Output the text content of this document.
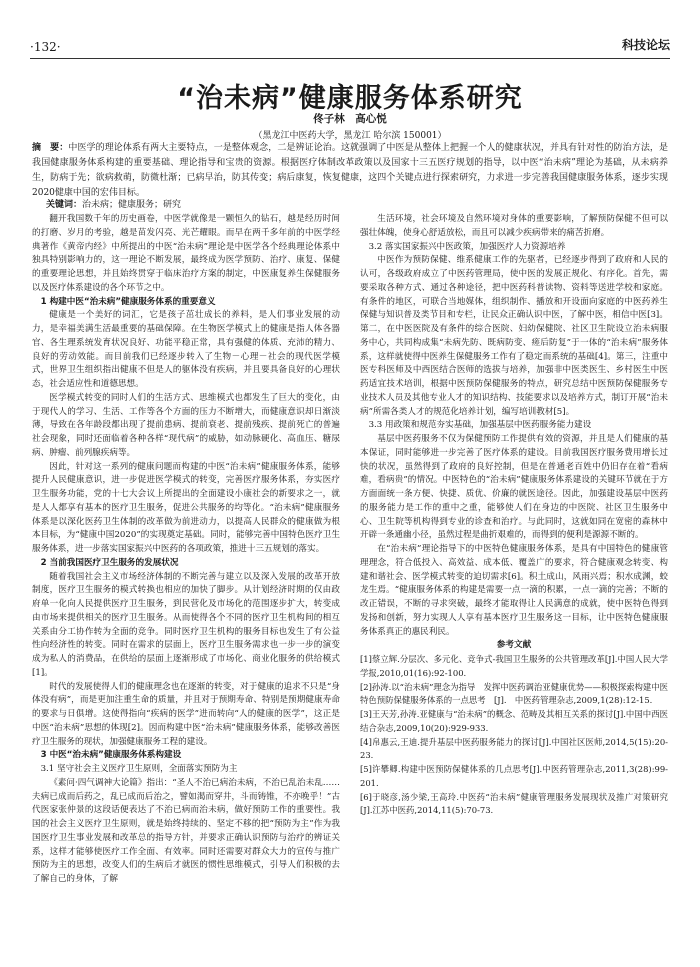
·132·	科技论坛
“治未病”健康服务体系研究
佟子林　高心悦
（黑龙江中医药大学，黑龙江 哈尔滨 150001）
摘　要：中医学的理论体系有两大主要特点，一是整体观念，二是辨证论治。这就强调了中医是从整体上把握一个人的健康状况，并具有针对性的防治方法，是我国健康服务体系构建的重要基础、理论指导和宝贵的资源。根据医疗体制改革政策以及国家十三五医疗规划的指导，以中医“治未病”理论为基础，从未病养生，防病于先；欲病救萌，防微杜渐；已病早治，防其传变；病后康复，恢复健康，这四个关键点进行探索研究，力求进一步完善我国健康服务体系，逐步实现2020健康中国的宏伟目标。
关键词：治未病；健康服务；研究

翻开我国数千年的历史画卷，中医学就像是一颗恒久的钻石，越是经历时间的打磨、岁月的考验，越是苗发闪亮、光芒耀眼。而早在两千多年前的中医学经典著作《黄帝内经》中所提出的中医“治未病”理论是中医学各个经典理论体系中独具特别影响力的，这一理论不断发展，最终成为医学预防、治疗、康复、保健的重要理论思想，并且始终贯穿于临床治疗方案的制定，中医康复养生保健服务以及医疗体系建设的各个环节之中。

1 构建中医“治未病”健康服务体系的重要意义

健康是一个美好的词汇，它是孩子茁壮成长的养料，是人们事业发展的动力，是幸福美满生活最重要的基础保障。在生物医学模式上的健康是指人体各器官、各生理系统发育状况良好、功能平稳正常，具有强健的体质、充沛的精力、良好的劳动效能。而目前我们已经逐步转入了生物－心理－社会的现代医学模式，世界卫生组织指出健康不但是人的躯体没有疾病，并且要具备良好的心理状态，社会适应性和道德思想。

医学模式转变的同时人们的生活方式、思维模式也都发生了巨大的变化，由于现代人的学习、生活、工作等各个方面的压力不断增大，而健康意识却日渐淡薄，导致在各年龄段都出现了提前患病、提前衰老、提前残疾、提前死亡的普遍社会现象，同时还面临着各种各样“现代病”的威胁，如动脉硬化、高血压、糖尿病、肿瘤、前列腺疾病等。

因此，针对这一系列的健康问题而构建的中医“治未病”健康服务体系，能够提升人民健康意识，进一步促进医学模式的转变，完善医疗服务体系，夯实医疗卫生服务功能，党的十七大会议上所提出的全面建设小康社会的新要求之一，就是人人都享有基本的医疗卫生服务，促进公共服务的均等化。“治未病”健康服务体系是以深化医药卫生体制的改革做为前进动力，以提高人民群众的健康做为根本目标，为“健康中国2020”的实现奠定基础。同时，能够完善中国特色医疗卫生服务体系，进一步落实国家振兴中医药的各项政策，推进十三五规划的落实。

2 当前我国医疗卫生服务的发展状况

随着我国社会主义市场经济体制的不断完善与建立以及深入发展的改革开放制度，医疗卫生服务的模式转换也相应的加快了脚步。从计划经济时期的仅由政府单一化向人民提供医疗卫生服务，到民营化及市场化的范围逐步扩大，转变成由市场来提供相关的医疗卫生服务。从而使得各个不同的医疗卫生机构间的相互关系由分工协作转为全面的竞争。同时医疗卫生机构的服务目标也发生了有公益性向经济性的转变。同时在需求的层面上，医疗卫生服务需求也一步一步的演变成为私人的消费品，在供给的层面上逐渐形成了市场化、商业化服务的供给模式[1]。

时代的发展使得人们的健康理念也在逐渐的转变，对于健康的追求不只是“身体没有病”，而是更加注重生命的质量，并且对于预期寿命、特别是预期健康寿命的要求与日俱增。这使得指向“疾病的医学”进而转向“人的健康的医学”，这正是中医“治未病”思想的体现[2]。因而构建中医“治未病”健康服务体系，能够改善医疗卫生服务的现状，加强健康服务工程的建设。

3 中医“治未病”健康服务体系构建设
3.1 坚守社会主义医疗卫生原则，全面落实预防为主

《素问·四气调神大论篇》指出：“圣人不治已病治未病，不治已乱治未乱……夫病已成而后药之，乱已成而后治之，譬如渴而穿井，斗而铸锥，不亦晚乎！”古代医家张仲景的这段话便表达了不治已病而治未病，做好预防工作的重要性。我国的社会主义医疗卫生原则，就是始终持续的、坚定不移的把“预防为主”作为我国医疗卫生事业发展和改革总的指导方针，并要求正确认识预防与治疗的辨证关系，这样才能够使医疗工作全面、有效率。同时还需要对群众大力的宣传与推广预防为主的思想，改变人们的生病后才就医的惯性思维模式，引导人们积极的去了解自己的身体，了解

生活环境，社会环境及自然环境对身体的重要影响，了解预防保健不但可以强壮体魄，使身心舒适放松，而且可以减少疾病带来的痛苦折磨。

3.2 落实国家振兴中医政策，加强医疗人力资源培养

中医作为预防保健、维系健康工作的先驱者，已经逐步得到了政府和人民的认可，各级政府成立了中医药管理局，使中医的发展正规化、有序化。首先，需要采取各种方式、通过各种途径，把中医药科普读物、资料等送进学校和家庭。有条件的地区，可联合当地媒体，组织制作、播放和开设面向家庭的中医药养生保健与知识普及类节目和专栏，让民众正确认识中医，了解中医，相信中医[3]。第二，在中医医院及有条件的综合医院、妇幼保健院、社区卫生院设立治未病服务中心，共同构成集“未病先防、既病防变、瘥后防复”于一体的“治未病”服务体系，这样就使得中医养生保健服务工作有了稳定而系统的基础[4]。第三，注重中医专科医师及中西医结合医师的选拔与培养，加强非中医类医生、乡村医生中医药适宜技术培训，根据中医预防保健服务的特点，研究总结中医预防保健服务专业技术人员及其他专业人才的知识结构、技能要求以及培养方式，制订开展“治未病”所需各类人才的规范化培养计划，编写培训教材[5]。

3.3 用政策和规范夯实基础，加强基层中医药服务能力建设

基层中医药服务不仅为保健预防工作提供有效的资源，并且是人们健康的基本保证，同时能够进一步完善了医疗体系的建设。目前我国医疗服务费用增长过快的状况，虽然得到了政府的良好控制，但是在普通老百姓中仍旧存在着“看病难，看病贵”的情况。中医特色的“治未病”健康服务体系建设的关键环节就在于方方面面统一条方便、快捷、质优、价廉的就医途径。因此，加强建设基层中医药的服务能力是工作的重中之重，能够使人们在身边的中医院、社区卫生服务中心、卫生院等机构得到专业的诊查和治疗。与此同时，这就如同在宽密的森林中开辟一条通幽小径，虽然过程是曲折艰难的，而得到的便利是源源不断的。

在“治未病”理论指导下的中医特色健康服务体系，是具有中国特色的健康管理理念，符合低投入、高效益、成本低、覆盖广的要求，符合健康观念转变、构建和谐社会、医学模式转变的迫切需求[6]。积土成山，风雨兴焉；积水成渊，蛟龙生焉。“健康服务体系的构建是需要一点一滴的积累，一点一滴的完善；不断的改正错误，不断的寻求突破，最终才能取得让人民满意的成就，使中医特色得到发扬和创新，努力实现人人享有基本医疗卫生服务这一目标，让中医特色健康服务体系真正的惠民利民。

参考文献
[1]蔡立辉.分层次、多元化、竞争式-我国卫生服务的公共管理改革[J].中国人民大学学报,2010,01(16):92-100.
[2]孙涛.以“治未病”理念为指导　发挥中医药调治亚健康优势——积极探索构建中医特色预防保健服务体系的一点思考　[J].　中医药管理杂志,2009,1(28):12-15.
[3]王天芳,孙涛.亚健康与“治未病”的概念、范畴及其相互关系的探讨[J].中国中西医结合杂志,2009,10(20):929-933.
[4]帛惠云,王迪.提升基层中医药服务能力的探讨[J].中国社区医师,2014,5(15):20-23.
[5]许攀卿.构建中医预防保健体系的几点思考[J].中医药管理杂志,2011,3(28):99-201.
[6]于晓彦,汤少梁,王高玲.中医药“治未病”健康管理服务发展现状及推广对策研究[J].江苏中医药,2014,11(5):70-73.
